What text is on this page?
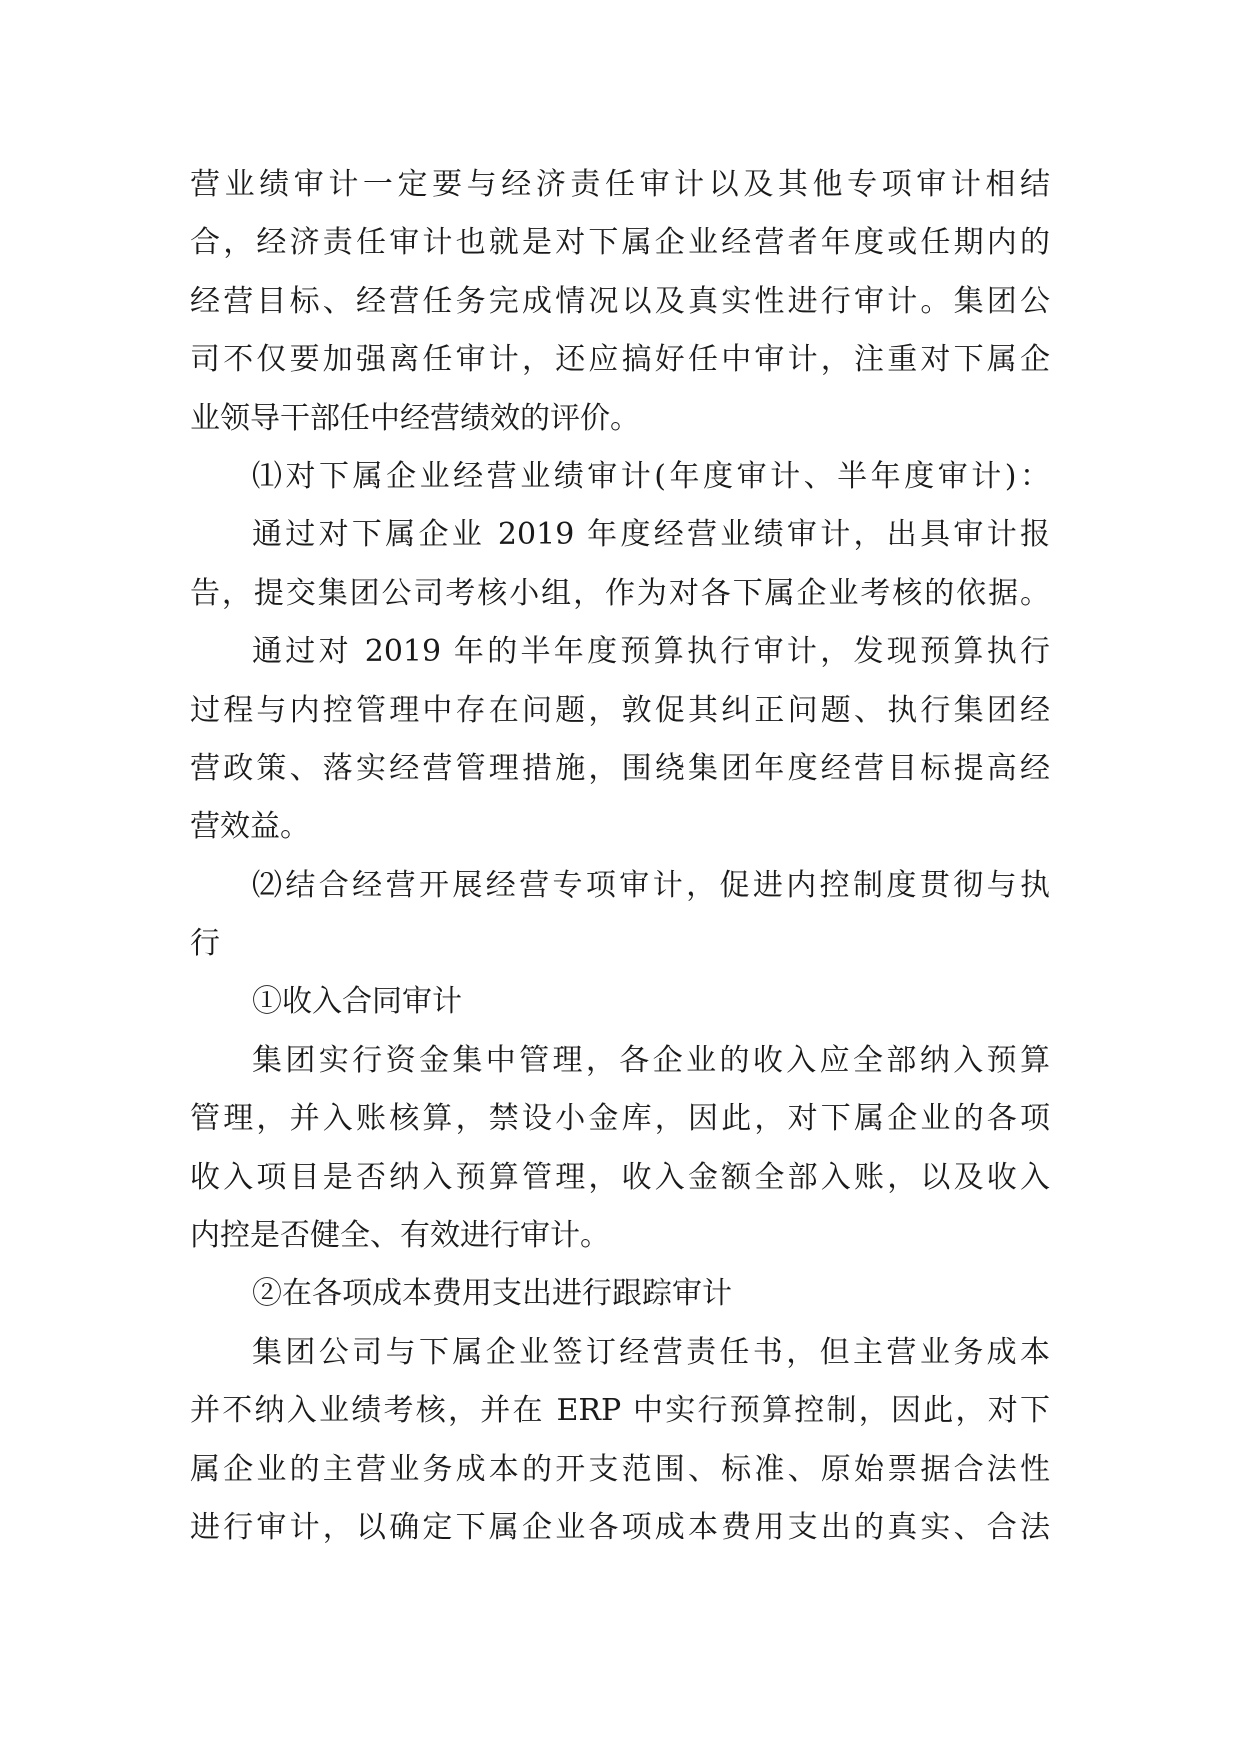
营业绩审计一定要与经济责任审计以及其他专项审计相结
合，经济责任审计也就是对下属企业经营者年度或任期内的
经营目标、经营任务完成情况以及真实性进行审计。集团公
司不仅要加强离任审计，还应搞好任中审计，注重对下属企
业领导干部任中经营绩效的评价。
⑴对下属企业经营业绩审计(年度审计、半年度审计)：
通过对下属企业 2019 年度经营业绩审计，出具审计报
告，提交集团公司考核小组，作为对各下属企业考核的依据。
通过对 2019 年的半年度预算执行审计，发现预算执行
过程与内控管理中存在问题，敦促其纠正问题、执行集团经
营政策、落实经营管理措施，围绕集团年度经营目标提高经
营效益。
⑵结合经营开展经营专项审计，促进内控制度贯彻与执
行
①收入合同审计
集团实行资金集中管理，各企业的收入应全部纳入预算
管理，并入账核算，禁设小金库，因此，对下属企业的各项
收入项目是否纳入预算管理，收入金额全部入账，以及收入
内控是否健全、有效进行审计。
②在各项成本费用支出进行跟踪审计
集团公司与下属企业签订经营责任书，但主营业务成本
并不纳入业绩考核，并在 ERP 中实行预算控制，因此，对下
属企业的主营业务成本的开支范围、标准、原始票据合法性
进行审计，以确定下属企业各项成本费用支出的真实、合法
